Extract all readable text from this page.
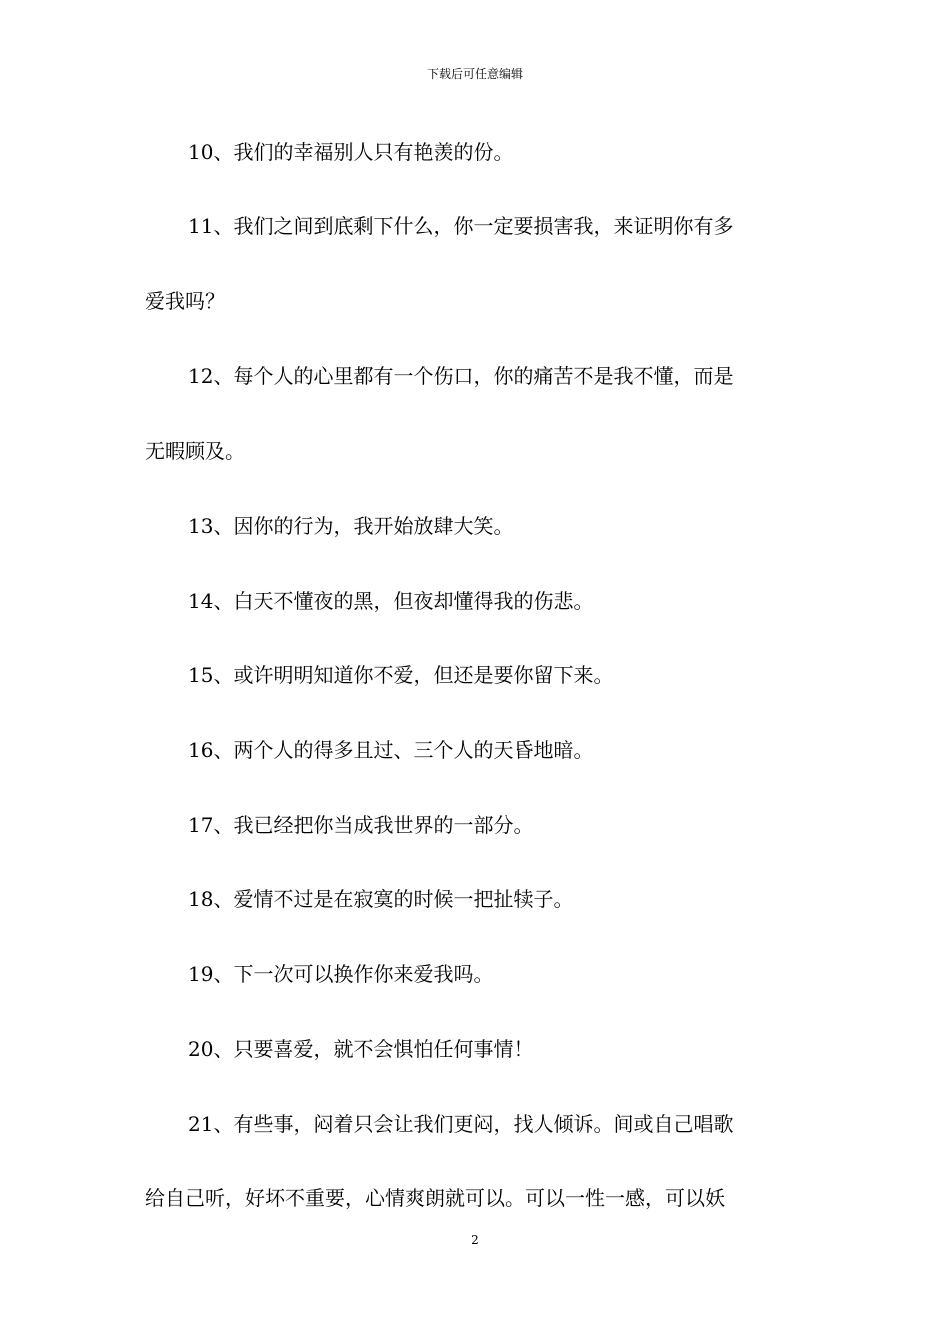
下载后可任意编辑
10、我们的幸福别人只有艳羡的份。
11、我们之间到底剩下什么，你一定要损害我，来证明你有多
爱我吗？
12、每个人的心里都有一个伤口，你的痛苦不是我不懂，而是
无暇顾及。
13、因你的行为，我开始放肆大笑。
14、白天不懂夜的黑，但夜却懂得我的伤悲。
15、或许明明知道你不爱，但还是要你留下来。
16、两个人的得多且过、三个人的天昏地暗。
17、我已经把你当成我世界的一部分。
18、爱情不过是在寂寞的时候一把扯犊子。
19、下一次可以换作你来爱我吗。
20、只要喜爱，就不会惧怕任何事情！
21、有些事，闷着只会让我们更闷，找人倾诉。间或自己唱歌
给自己听，好坏不重要，心情爽朗就可以。可以一性一感，可以妖
2
